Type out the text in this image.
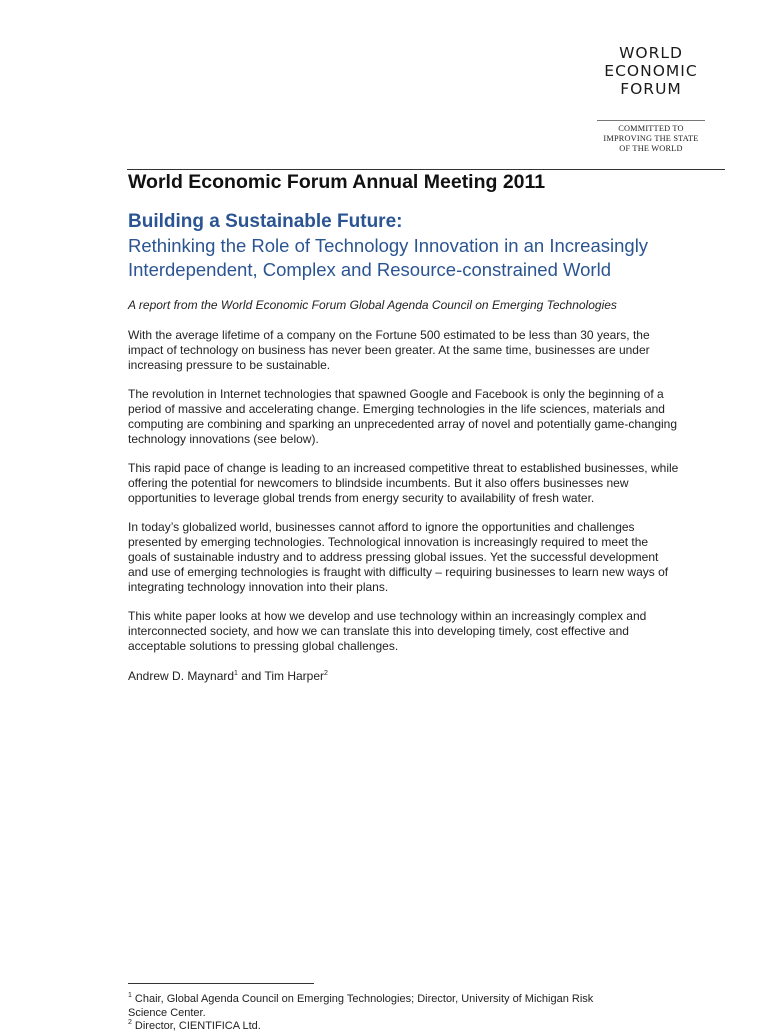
WORLD
ECONOMIC
FORUM
COMMITTED TO
IMPROVING THE STATE
OF THE WORLD
World Economic Forum Annual Meeting 2011
Building a Sustainable Future:
Rethinking the Role of Technology Innovation in an Increasingly
Interdependent, Complex and Resource-constrained World
A report from the World Economic Forum Global Agenda Council on Emerging Technologies
With the average lifetime of a company on the Fortune 500 estimated to be less than 30 years, the
impact of technology on business has never been greater. At the same time, businesses are under
increasing pressure to be sustainable.
The revolution in Internet technologies that spawned Google and Facebook is only the beginning of a
period of massive and accelerating change. Emerging technologies in the life sciences, materials and
computing are combining and sparking an unprecedented array of novel and potentially game-changing
technology innovations (see below).
This rapid pace of change is leading to an increased competitive threat to established businesses, while
offering the potential for newcomers to blindside incumbents. But it also offers businesses new
opportunities to leverage global trends from energy security to availability of fresh water.
In today’s globalized world, businesses cannot afford to ignore the opportunities and challenges
presented by emerging technologies. Technological innovation is increasingly required to meet the
goals of sustainable industry and to address pressing global issues. Yet the successful development
and use of emerging technologies is fraught with difficulty – requiring businesses to learn new ways of
integrating technology innovation into their plans.
This white paper looks at how we develop and use technology within an increasingly complex and
interconnected society, and how we can translate this into developing timely, cost effective and
acceptable solutions to pressing global challenges.
Andrew D. Maynard$^1$ and Tim Harper$^2$
$^1$ Chair, Global Agenda Council on Emerging Technologies; Director, University of Michigan Risk
Science Center.
$^2$ Director, CIENTIFICA Ltd.
